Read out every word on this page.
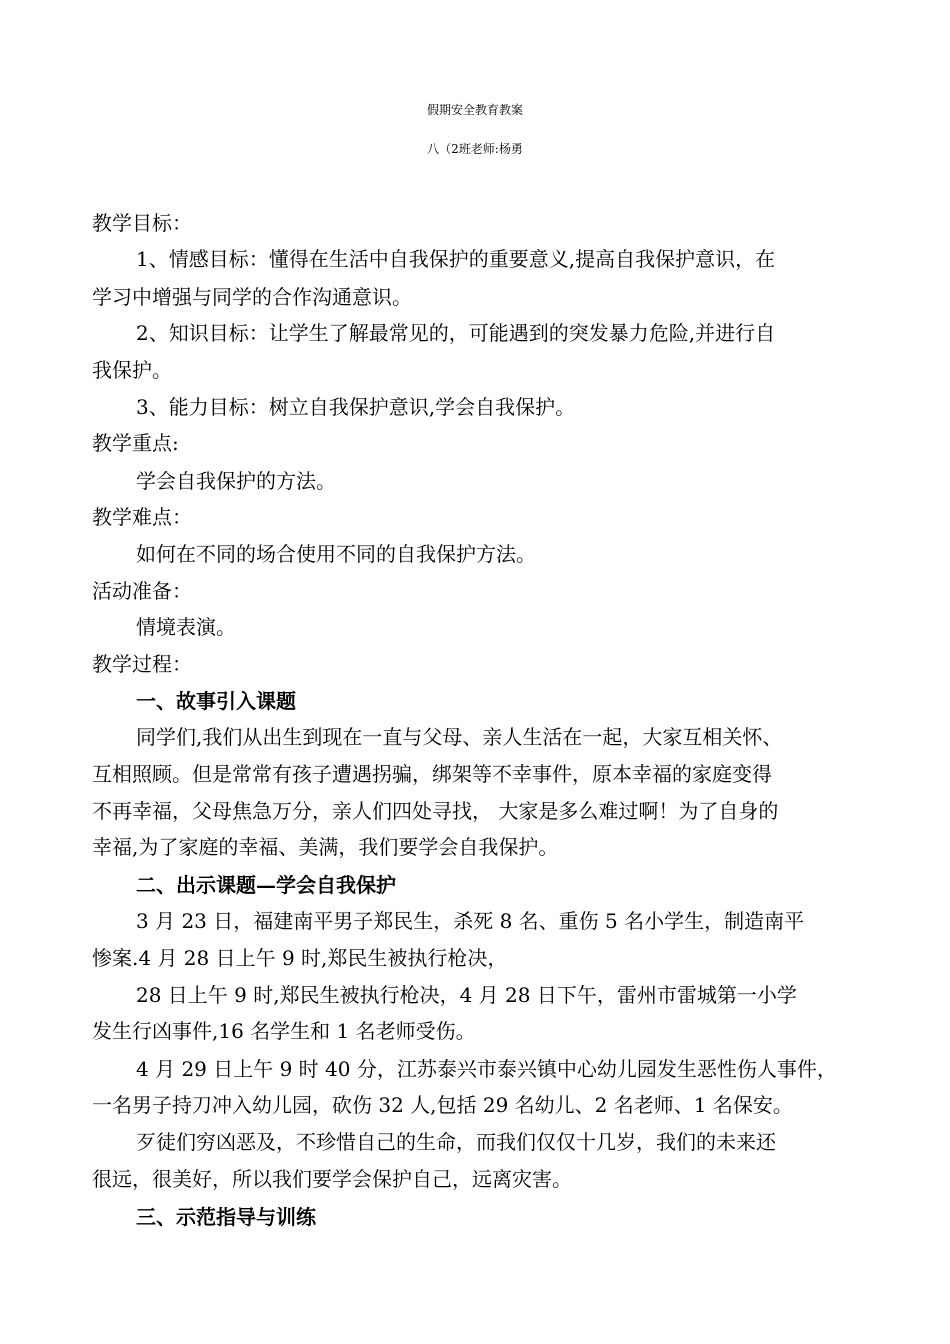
假期安全教育教案
八（2班老师:杨勇
教学目标：
1、情感目标：懂得在生活中自我保护的重要意义,提高自我保护意识，在
学习中增强与同学的合作沟通意识。
2、知识目标：让学生了解最常见的，可能遇到的突发暴力危险,并进行自
我保护。
3、能力目标：树立自我保护意识,学会自我保护。
教学重点:
学会自我保护的方法。
教学难点：
如何在不同的场合使用不同的自我保护方法。
活动准备：
情境表演。
教学过程：
一、故事引入课题
同学们,我们从出生到现在一直与父母、亲人生活在一起，大家互相关怀、
互相照顾。但是常常有孩子遭遇拐骗，绑架等不幸事件，原本幸福的家庭变得
不再幸福，父母焦急万分，亲人们四处寻找， 大家是多么难过啊！为了自身的
幸福,为了家庭的幸福、美满，我们要学会自我保护。
二、出示课题—学会自我保护
3 月 23 日，福建南平男子郑民生，杀死 8 名、重伤 5 名小学生，制造南平
惨案.4 月 28 日上午 9 时,郑民生被执行枪决，
28 日上午 9 时,郑民生被执行枪决，4 月 28 日下午，雷州市雷城第一小学
发生行凶事件,16 名学生和 1 名老师受伤。
4 月 29 日上午 9 时 40 分，江苏泰兴市泰兴镇中心幼儿园发生恶性伤人事件，
一名男子持刀冲入幼儿园，砍伤 32 人,包括 29 名幼儿、2 名老师、1 名保安。
歹徒们穷凶恶及，不珍惜自己的生命，而我们仅仅十几岁，我们的未来还
很远，很美好，所以我们要学会保护自己，远离灾害。
三、示范指导与训练
